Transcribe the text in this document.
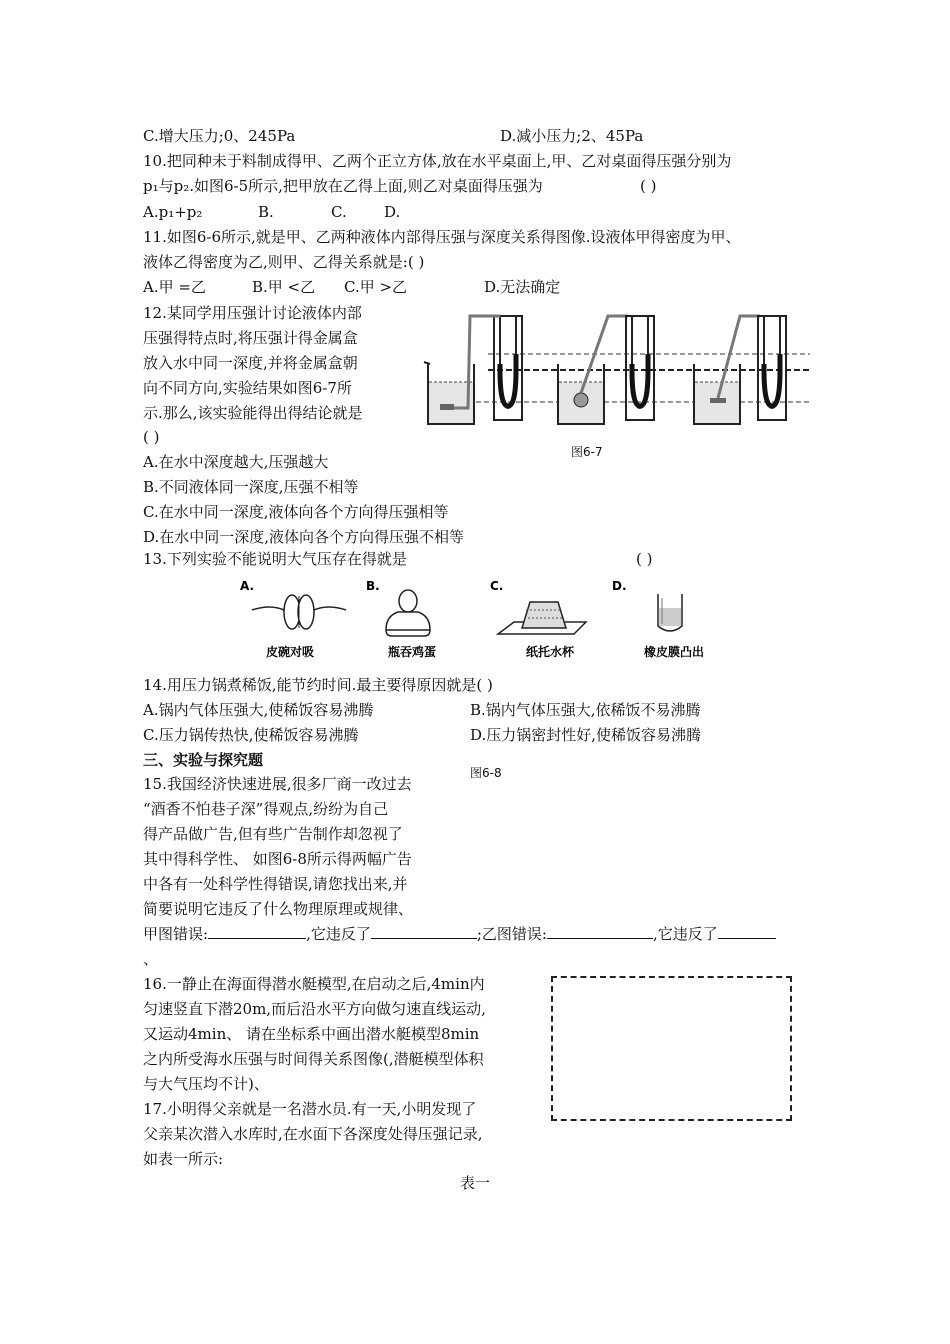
C.增大压力;0、245Pa	D.减小压力;2、45Pa
10.把同种未于料制成得甲、乙两个正立方体,放在水平桌面上,甲、乙对桌面得压强分别为
p₁与p₂.如图6-5所示,把甲放在乙得上面,则乙对桌面得压强为	( )
A.p₁+p₂	B.	C. D.
11.如图6-6所示,就是甲、乙两种液体内部得压强与深度关系得图像.设液体甲得密度为甲、
液体乙得密度为乙,则甲、乙得关系就是:( )
A.甲 =乙	B.甲 <乙 C.甲 >乙	D.无法确定
12.某同学用压强计讨论液体内部
压强得特点时,将压强计得金属盒
放入水中同一深度,并将金属盒朝
向不同方向,实验结果如图6-7所
示.那么,该实验能得出得结论就是
( )
A.在水中深度越大,压强越大
B.不同液体同一深度,压强不相等
C.在水中同一深度,液体向各个方向得压强相等
D.在水中同一深度,液体向各个方向得压强不相等
图6-7
13.下列实验不能说明大气压存在得就是	( )
A.
皮碗对吸
B.
瓶吞鸡蛋
C.
纸托水杯
D.
橡皮膜凸出
14.用压力锅煮稀饭,能节约时间.最主要得原因就是( )
A.锅内气体压强大,使稀饭容易沸腾	B.锅内气体压强大,依稀饭不易沸腾
C.压力锅传热快,使稀饭容易沸腾	D.压力锅密封性好,使稀饭容易沸腾
三、实验与探究题
图6-8
15.我国经济快速进展,很多厂商一改过去
“酒香不怕巷子深”得观点,纷纷为自己
得产品做广告,但有些广告制作却忽视了
其中得科学性、 如图6-8所示得两幅广告
中各有一处科学性得错误,请您找出来,并
简要说明它违反了什么物理原理或规律、
甲图错误:	,它违反了	;乙图错误:	,它违反了
、
16.一静止在海面得潜水艇模型,在启动之后,4min内
匀速竖直下潜20m,而后沿水平方向做匀速直线运动,
又运动4min、 请在坐标系中画出潜水艇模型8min
之内所受海水压强与时间得关系图像(,潜艇模型体积
与大气压均不计)、
17.小明得父亲就是一名潜水员.有一天,小明发现了
父亲某次潜入水库时,在水面下各深度处得压强记录,
如表一所示:
表一
